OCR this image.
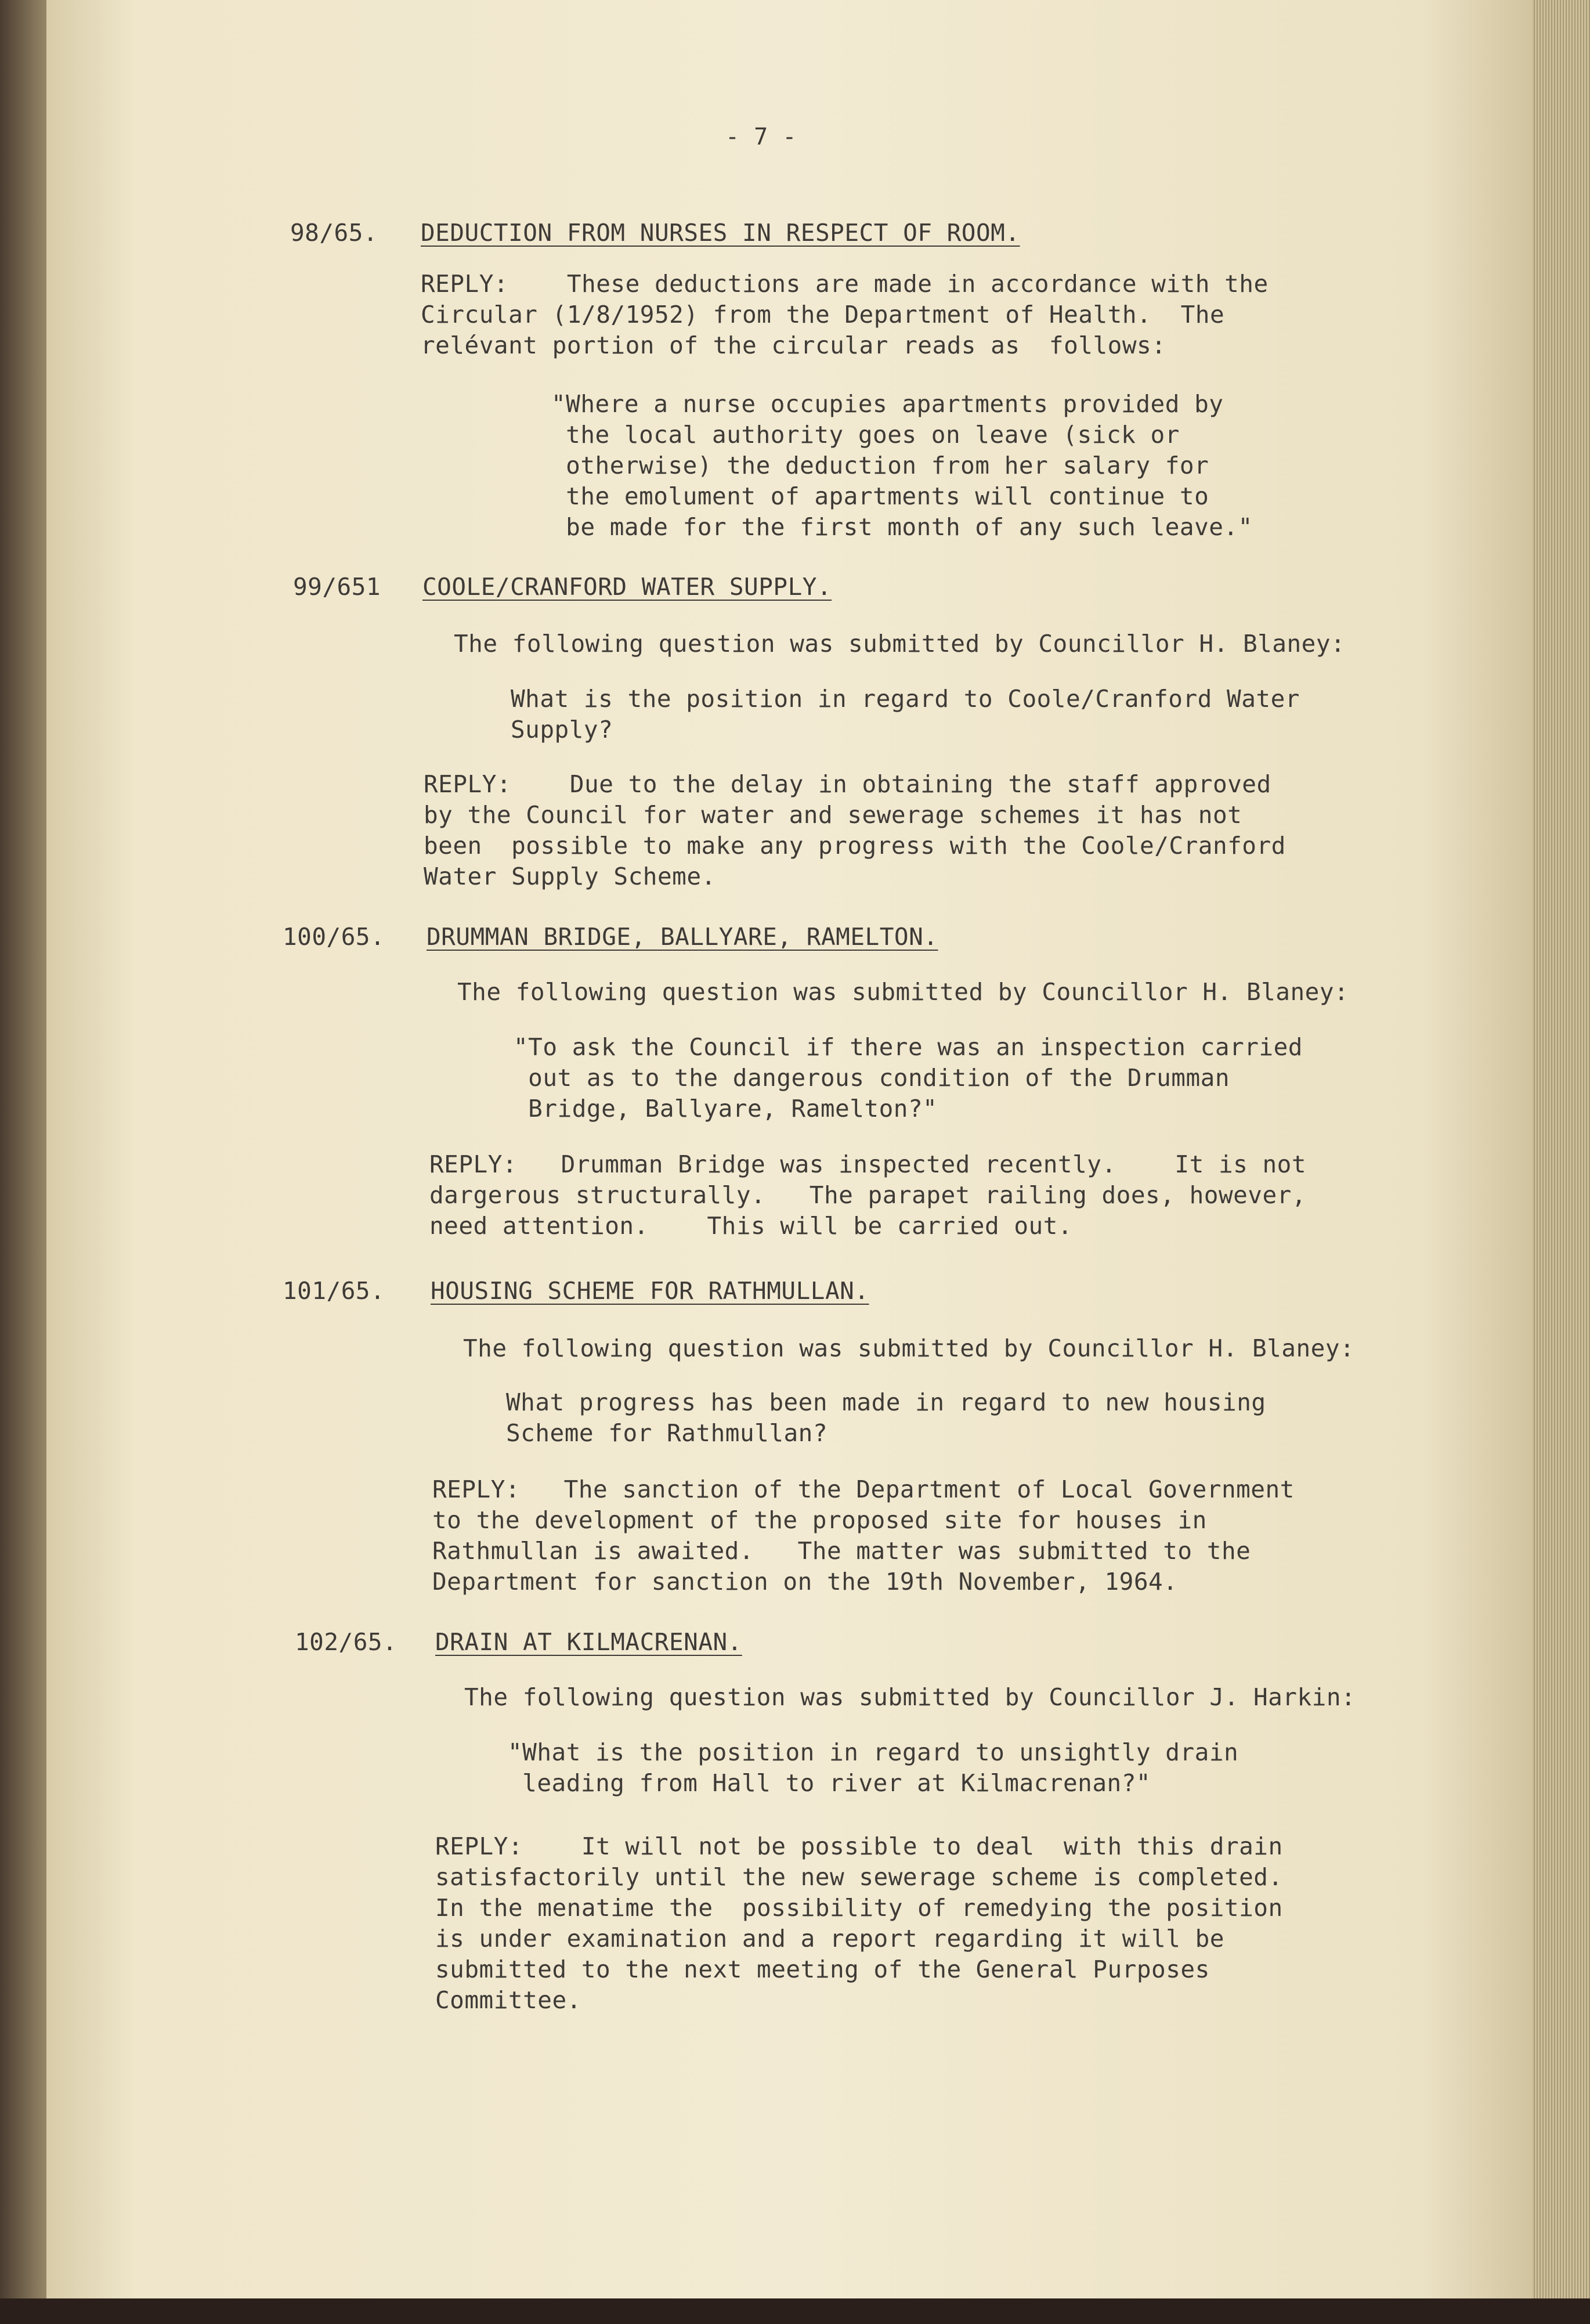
- 7 -
98/65. DEDUCTION FROM NURSES IN RESPECT OF ROOM.
REPLY:    These deductions are made in accordance with the
Circular (1/8/1952) from the Department of Health.  The
relévant portion of the circular reads as  follows:
"Where a nurse occupies apartments provided by
the local authority goes on leave (sick or
otherwise) the deduction from her salary for
the emolument of apartments will continue to
be made for the first month of any such leave."
99/651 COOLE/CRANFORD WATER SUPPLY.
The following question was submitted by Councillor H. Blaney:
What is the position in regard to Coole/Cranford Water
Supply?
REPLY:    Due to the delay in obtaining the staff approved
by the Council for water and sewerage schemes it has not
been  possible to make any progress with the Coole/Cranford
Water Supply Scheme.
100/65. DRUMMAN BRIDGE, BALLYARE, RAMELTON.
The following question was submitted by Councillor H. Blaney:
"To ask the Council if there was an inspection carried
out as to the dangerous condition of the Drumman
Bridge, Ballyare, Ramelton?"
REPLY:   Drumman Bridge was inspected recently.    It is not
dargerous structurally.   The parapet railing does, however,
need attention.    This will be carried out.
101/65. HOUSING SCHEME FOR RATHMULLAN.
The following question was submitted by Councillor H. Blaney:
What progress has been made in regard to new housing
Scheme for Rathmullan?
REPLY:   The sanction of the Department of Local Government
to the development of the proposed site for houses in
Rathmullan is awaited.   The matter was submitted to the
Department for sanction on the 19th November, 1964.
102/65. DRAIN AT KILMACRENAN.
The following question was submitted by Councillor J. Harkin:
"What is the position in regard to unsightly drain
leading from Hall to river at Kilmacrenan?"
REPLY:    It will not be possible to deal  with this drain
satisfactorily until the new sewerage scheme is completed.
In the menatime the  possibility of remedying the position
is under examination and a report regarding it will be
submitted to the next meeting of the General Purposes
Committee.
